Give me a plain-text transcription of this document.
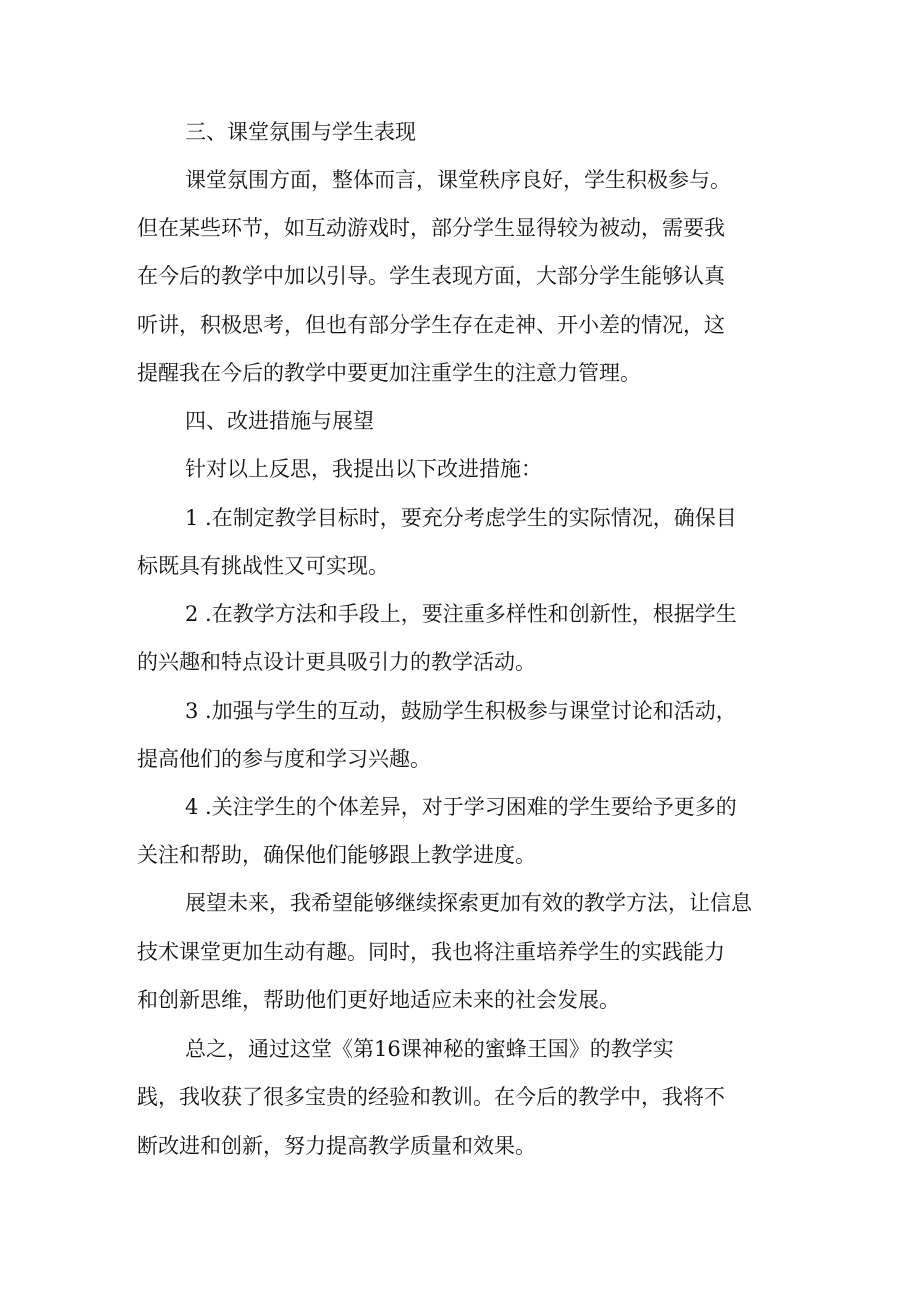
三、课堂氛围与学生表现
课堂氛围方面，整体而言，课堂秩序良好，学生积极参与。
但在某些环节，如互动游戏时，部分学生显得较为被动，需要我
在今后的教学中加以引导。学生表现方面，大部分学生能够认真
听讲，积极思考，但也有部分学生存在走神、开小差的情况，这
提醒我在今后的教学中要更加注重学生的注意力管理。
四、改进措施与展望
针对以上反思，我提出以下改进措施：
1 .在制定教学目标时，要充分考虑学生的实际情况，确保目
标既具有挑战性又可实现。
2 .在教学方法和手段上，要注重多样性和创新性，根据学生
的兴趣和特点设计更具吸引力的教学活动。
3 .加强与学生的互动，鼓励学生积极参与课堂讨论和活动，
提高他们的参与度和学习兴趣。
4 .关注学生的个体差异，对于学习困难的学生要给予更多的
关注和帮助，确保他们能够跟上教学进度。
展望未来，我希望能够继续探索更加有效的教学方法，让信息
技术课堂更加生动有趣。同时，我也将注重培养学生的实践能力
和创新思维，帮助他们更好地适应未来的社会发展。
总之，通过这堂《第16课神秘的蜜蜂王国》的教学实
践，我收获了很多宝贵的经验和教训。在今后的教学中，我将不
断改进和创新，努力提高教学质量和效果。
